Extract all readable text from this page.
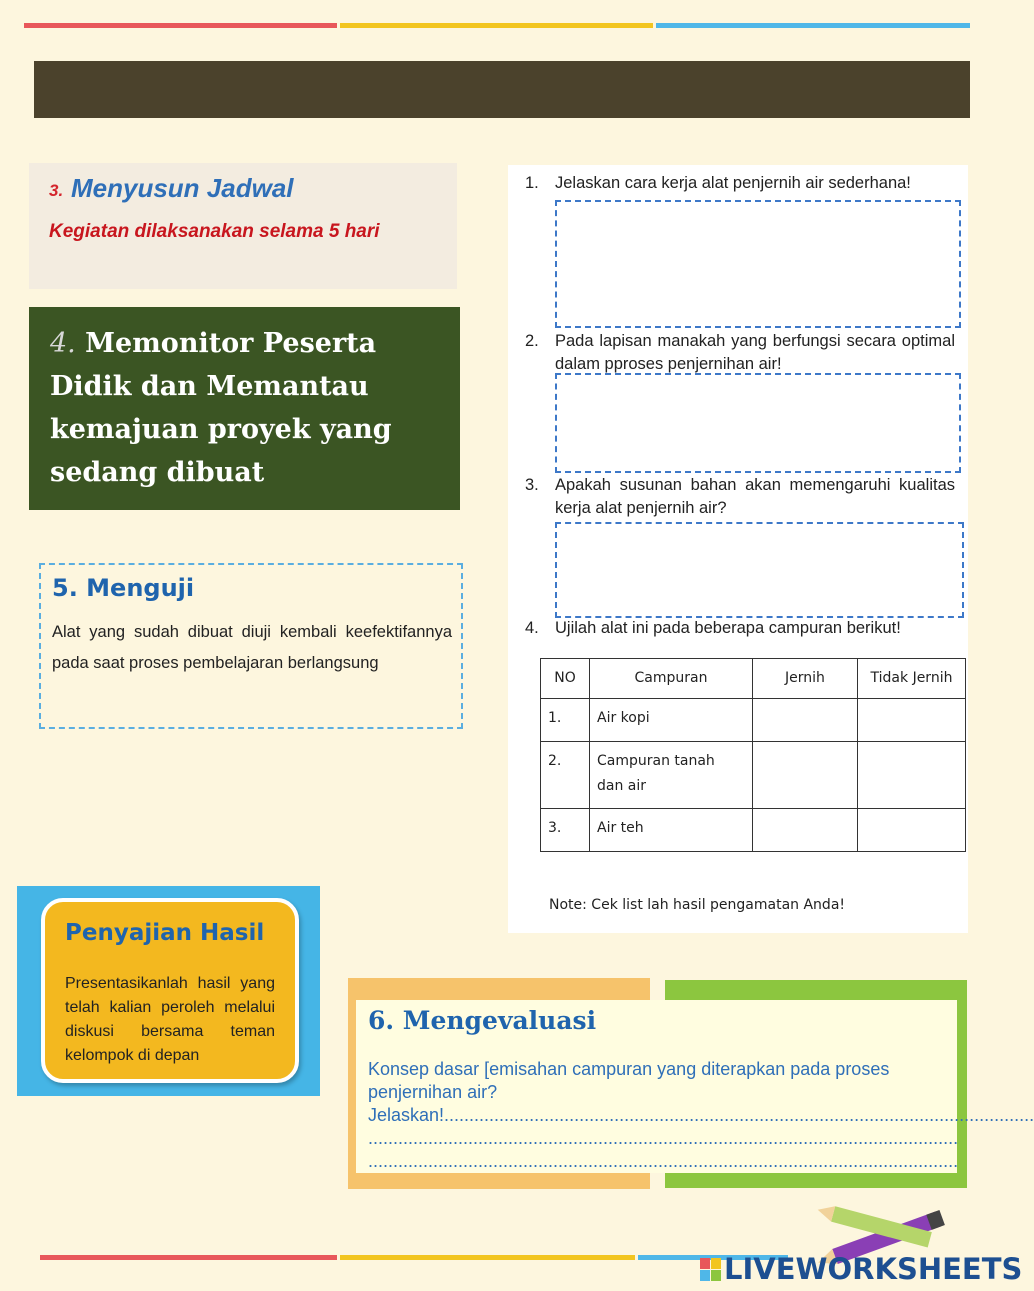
3. Menyusun Jadwal
Kegiatan dilaksanakan selama 5 hari
4. Memonitor Peserta Didik dan Memantau kemajuan proyek yang sedang dibuat
5. Menguji
Alat yang sudah dibuat diuji kembali keefektifannya pada saat proses pembelajaran berlangsung
1. Jelaskan cara kerja alat penjernih air sederhana!
2. Pada lapisan manakah yang berfungsi secara optimal dalam pproses penjernihan air!
3. Apakah susunan bahan akan memengaruhi kualitas kerja alat penjernih air?
4. Ujilah alat ini pada beberapa campuran berikut!
NO	Campuran	Jernih	Tidak Jernih
1.	Air kopi		
2.	Campuran tanah dan air		
3.	Air teh		
Note: Cek list lah hasil pengamatan Anda!
Penyajian Hasil
Presentasikanlah hasil yang telah kalian peroleh melalui diskusi bersama teman kelompok di depan
6. Mengevaluasi
Konsep dasar [emisahan campuran yang diterapkan pada proses penjernihan air?
Jelaskan!......................................................................................................................
......................................................................................................................
......................................................................................................................
LIVEWORKSHEETS
